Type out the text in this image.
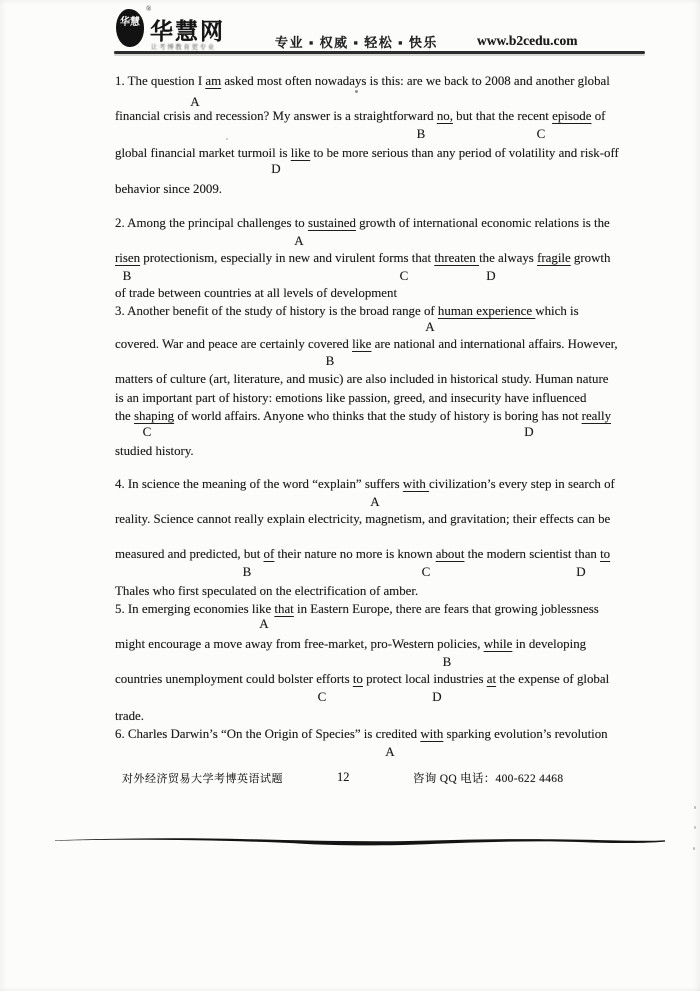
华慧
®
华慧网
让考博教育更专业	专业 ▪ 权威 ▪ 轻松 ▪ 快乐	www.b2cedu.com
1. The question I am asked most often nowadays is this: are we back to 2008 and another global
A
financial crisis and recession? My answer is a straightforward no, but that the recent episode of
B	C
global financial market turmoil is like to be more serious than any period of volatility and risk-off
D
behavior since 2009.
2. Among the principal challenges to sustained growth of international economic relations is the
A
risen protectionism, especially in new and virulent forms that threaten the always fragile growth
B	C	D
of trade between countries at all levels of development
3. Another benefit of the study of history is the broad range of human experience which is
A
covered. War and peace are certainly covered like are national and international affairs. However,
B
matters of culture (art, literature, and music) are also included in historical study. Human nature
is an important part of history: emotions like passion, greed, and insecurity have influenced
the shaping of world affairs. Anyone who thinks that the study of history is boring has not really
C	D
studied history.
4. In science the meaning of the word “explain” suffers with civilization’s every step in search of
A
reality. Science cannot really explain electricity, magnetism, and gravitation; their effects can be
measured and predicted, but of their nature no more is known about the modern scientist than to
B	C	D
Thales who first speculated on the electrification of amber.
5. In emerging economies like that in Eastern Europe, there are fears that growing joblessness
A
might encourage a move away from free-market, pro-Western policies, while in developing
B
countries unemployment could bolster efforts to protect local industries at the expense of global
C	D
trade.
6. Charles Darwin’s “On the Origin of Species” is credited with sparking evolution’s revolution
A
对外经济贸易大学考博英语试题	12	咨询 QQ 电话：400-622 4468
